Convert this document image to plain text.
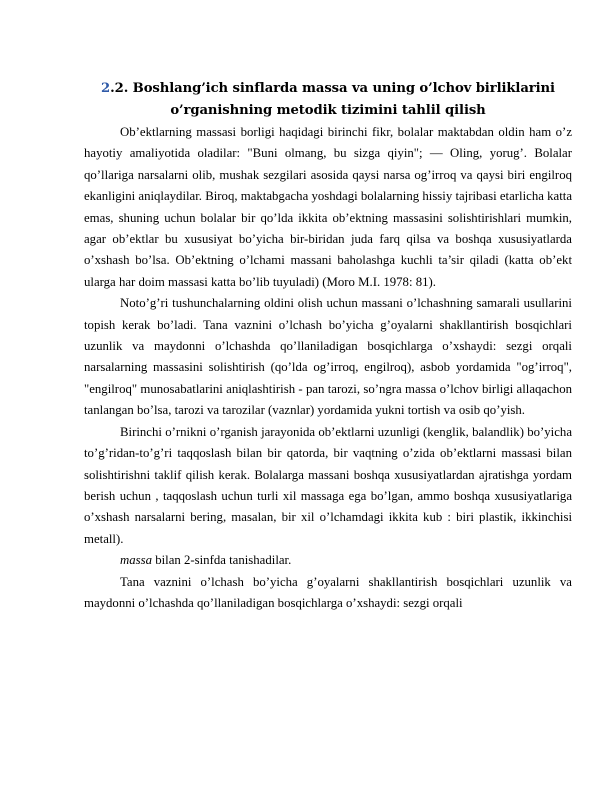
2.2. Boshlang’ich sinflarda massa va uning o’lchov birliklarini
o’rganishning metodik tizimini tahlil qilish

Ob’ektlarning massasi borligi haqidagi birinchi fikr, bolalar maktabdan oldin ham o’z hayotiy amaliyotida oladilar: "Buni olmang, bu sizga qiyin"; — Oling, yorug’. Bolalar qo’llariga narsalarni olib, mushak sezgilari asosida qaysi narsa og’irroq va qaysi biri engilroq ekanligini aniqlaydilar. Biroq, maktabgacha yoshdagi bolalarning hissiy tajribasi etarlicha katta emas, shuning uchun bolalar bir qo’lda ikkita ob’ektning massasini solishtirishlari mumkin, agar ob’ektlar bu xususiyat bo’yicha bir-biridan juda farq qilsa va boshqa xususiyatlarda o’xshash bo’lsa. Ob’ektning o’lchami massani baholashga kuchli ta’sir qiladi (katta ob’ekt ularga har doim massasi katta bo’lib tuyuladi) (Moro M.I. 1978: 81).

Noto’g’ri tushunchalarning oldini olish uchun massani o’lchashning samarali usullarini topish kerak bo’ladi. Tana vaznini o’lchash bo’yicha g’oyalarni shakllantirish bosqichlari uzunlik va maydonni o’lchashda qo’llaniladigan bosqichlarga o’xshaydi: sezgi orqali narsalarning massasini solishtirish (qo’lda og’irroq, engilroq), asbob yordamida "og’irroq", "engilroq" munosabatlarini aniqlashtirish - pan tarozi, so’ngra massa o’lchov birligi allaqachon tanlangan bo’lsa, tarozi va tarozilar (vaznlar) yordamida yukni tortish va osib qo’yish.

Birinchi o’rnikni o’rganish jarayonida ob’ektlarni uzunligi (kenglik, balandlik) bo’yicha to’g’ridan-to’g’ri taqqoslash bilan bir qatorda, bir vaqtning o’zida ob’ektlarni massasi bilan solishtirishni taklif qilish kerak. Bolalarga massani boshqa xususiyatlardan ajratishga yordam berish uchun , taqqoslash uchun turli xil massaga ega bo’lgan, ammo boshqa xususiyatlariga o’xshash narsalarni bering, masalan, bir xil o’lchamdagi ikkita kub : biri plastik, ikkinchisi metall).

massa bilan 2-sinfda tanishadilar.

Tana vaznini o’lchash bo’yicha g’oyalarni shakllantirish bosqichlari uzunlik va maydonni o’lchashda qo’llaniladigan bosqichlarga o’xshaydi: sezgi orqali
